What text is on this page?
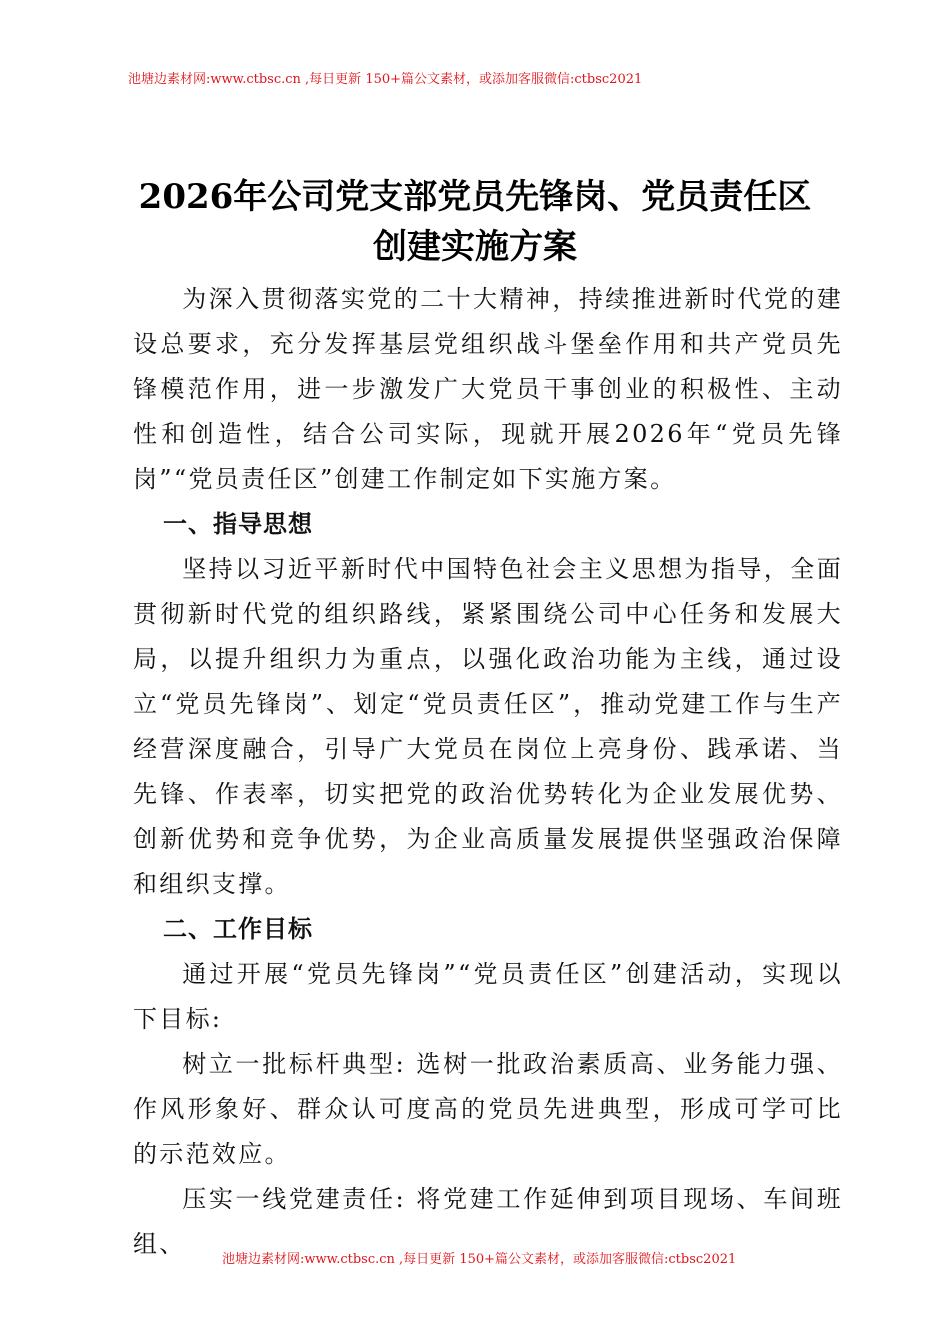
池塘边素材网:www.ctbsc.cn ,每日更新 150+篇公文素材，或添加客服微信:ctbsc2021
2026年公司党支部党员先锋岗、党员责任区
创建实施方案

为深入贯彻落实党的二十大精神，持续推进新时代党的建设总要求，充分发挥基层党组织战斗堡垒作用和共产党员先锋模范作用，进一步激发广大党员干事创业的积极性、主动性和创造性，结合公司实际，现就开展2026年“党员先锋岗”“党员责任区”创建工作制定如下实施方案。

一、指导思想

坚持以习近平新时代中国特色社会主义思想为指导，全面贯彻新时代党的组织路线，紧紧围绕公司中心任务和发展大局，以提升组织力为重点，以强化政治功能为主线，通过设立“党员先锋岗”、划定“党员责任区”，推动党建工作与生产经营深度融合，引导广大党员在岗位上亮身份、践承诺、当先锋、作表率，切实把党的政治优势转化为企业发展优势、创新优势和竞争优势，为企业高质量发展提供坚强政治保障和组织支撑。

二、工作目标

通过开展“党员先锋岗”“党员责任区”创建活动，实现以下目标:

树立一批标杆典型: 选树一批政治素质高、业务能力强、作风形象好、群众认可度高的党员先进典型，形成可学可比的示范效应。

压实一线党建责任: 将党建工作延伸到项目现场、车间班组、

池塘边素材网:www.ctbsc.cn ,每日更新 150+篇公文素材，或添加客服微信:ctbsc2021
